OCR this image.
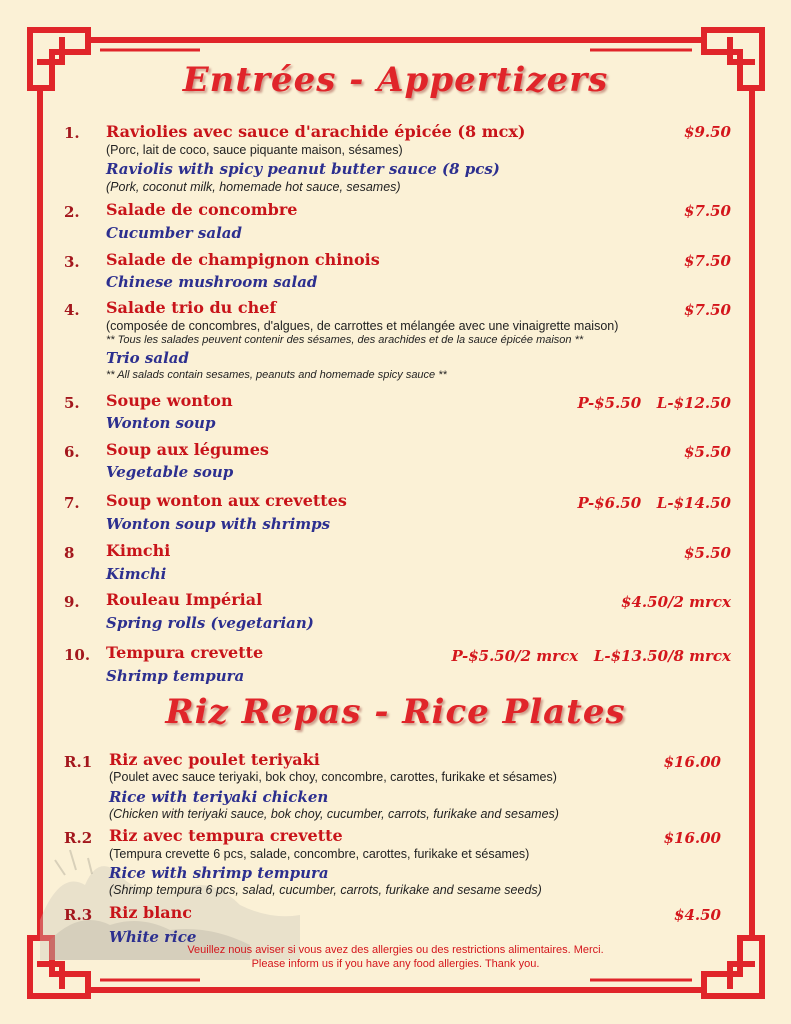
Entrées - Appertizers
1. Raviolies avec sauce d'arachide épicée (8 mcx)	$9.50
(Porc, lait de coco, sauce piquante maison, sésames)
Raviolis with spicy peanut butter sauce (8 pcs)
(Pork, coconut milk, homemade hot sauce, sesames)
2. Salade de concombre	$7.50
Cucumber salad
3. Salade de champignon chinois	$7.50
Chinese mushroom salad
4. Salade trio du chef	$7.50
(composée de concombres, d'algues, de carrottes et mélangée avec une vinaigrette maison)
** Tous les salades peuvent contenir des sésames, des arachides et de la sauce épicée maison **
Trio salad
** All salads contain sesames, peanuts and homemade spicy sauce **
5. Soupe wonton	P-$5.50   L-$12.50
Wonton soup
6. Soup aux légumes	$5.50
Vegetable soup
7. Soup wonton aux crevettes	P-$6.50   L-$14.50
Wonton soup with shrimps
8 Kimchi	$5.50
Kimchi
9. Rouleau Impérial	$4.50/2 mrcx
Spring rolls (vegetarian)
10. Tempura crevette	P-$5.50/2 mrcx   L-$13.50/8 mrcx
Shrimp tempura
Riz Repas - Rice Plates
R.1 Riz avec poulet teriyaki	$16.00
(Poulet avec sauce teriyaki, bok choy, concombre, carottes, furikake et sésames)
Rice with teriyaki chicken
(Chicken with teriyaki sauce, bok choy, cucumber, carrots, furikake and sesames)
R.2 Riz avec tempura crevette	$16.00
(Tempura crevette 6 pcs, salade, concombre, carottes, furikake et sésames)
Rice with shrimp tempura
(Shrimp tempura 6 pcs, salad, cucumber, carrots, furikake and sesame seeds)
R.3 Riz blanc	$4.50
White rice
Veuillez nous aviser si vous avez des allergies ou des restrictions alimentaires. Merci.
Please inform us if you have any food allergies. Thank you.
